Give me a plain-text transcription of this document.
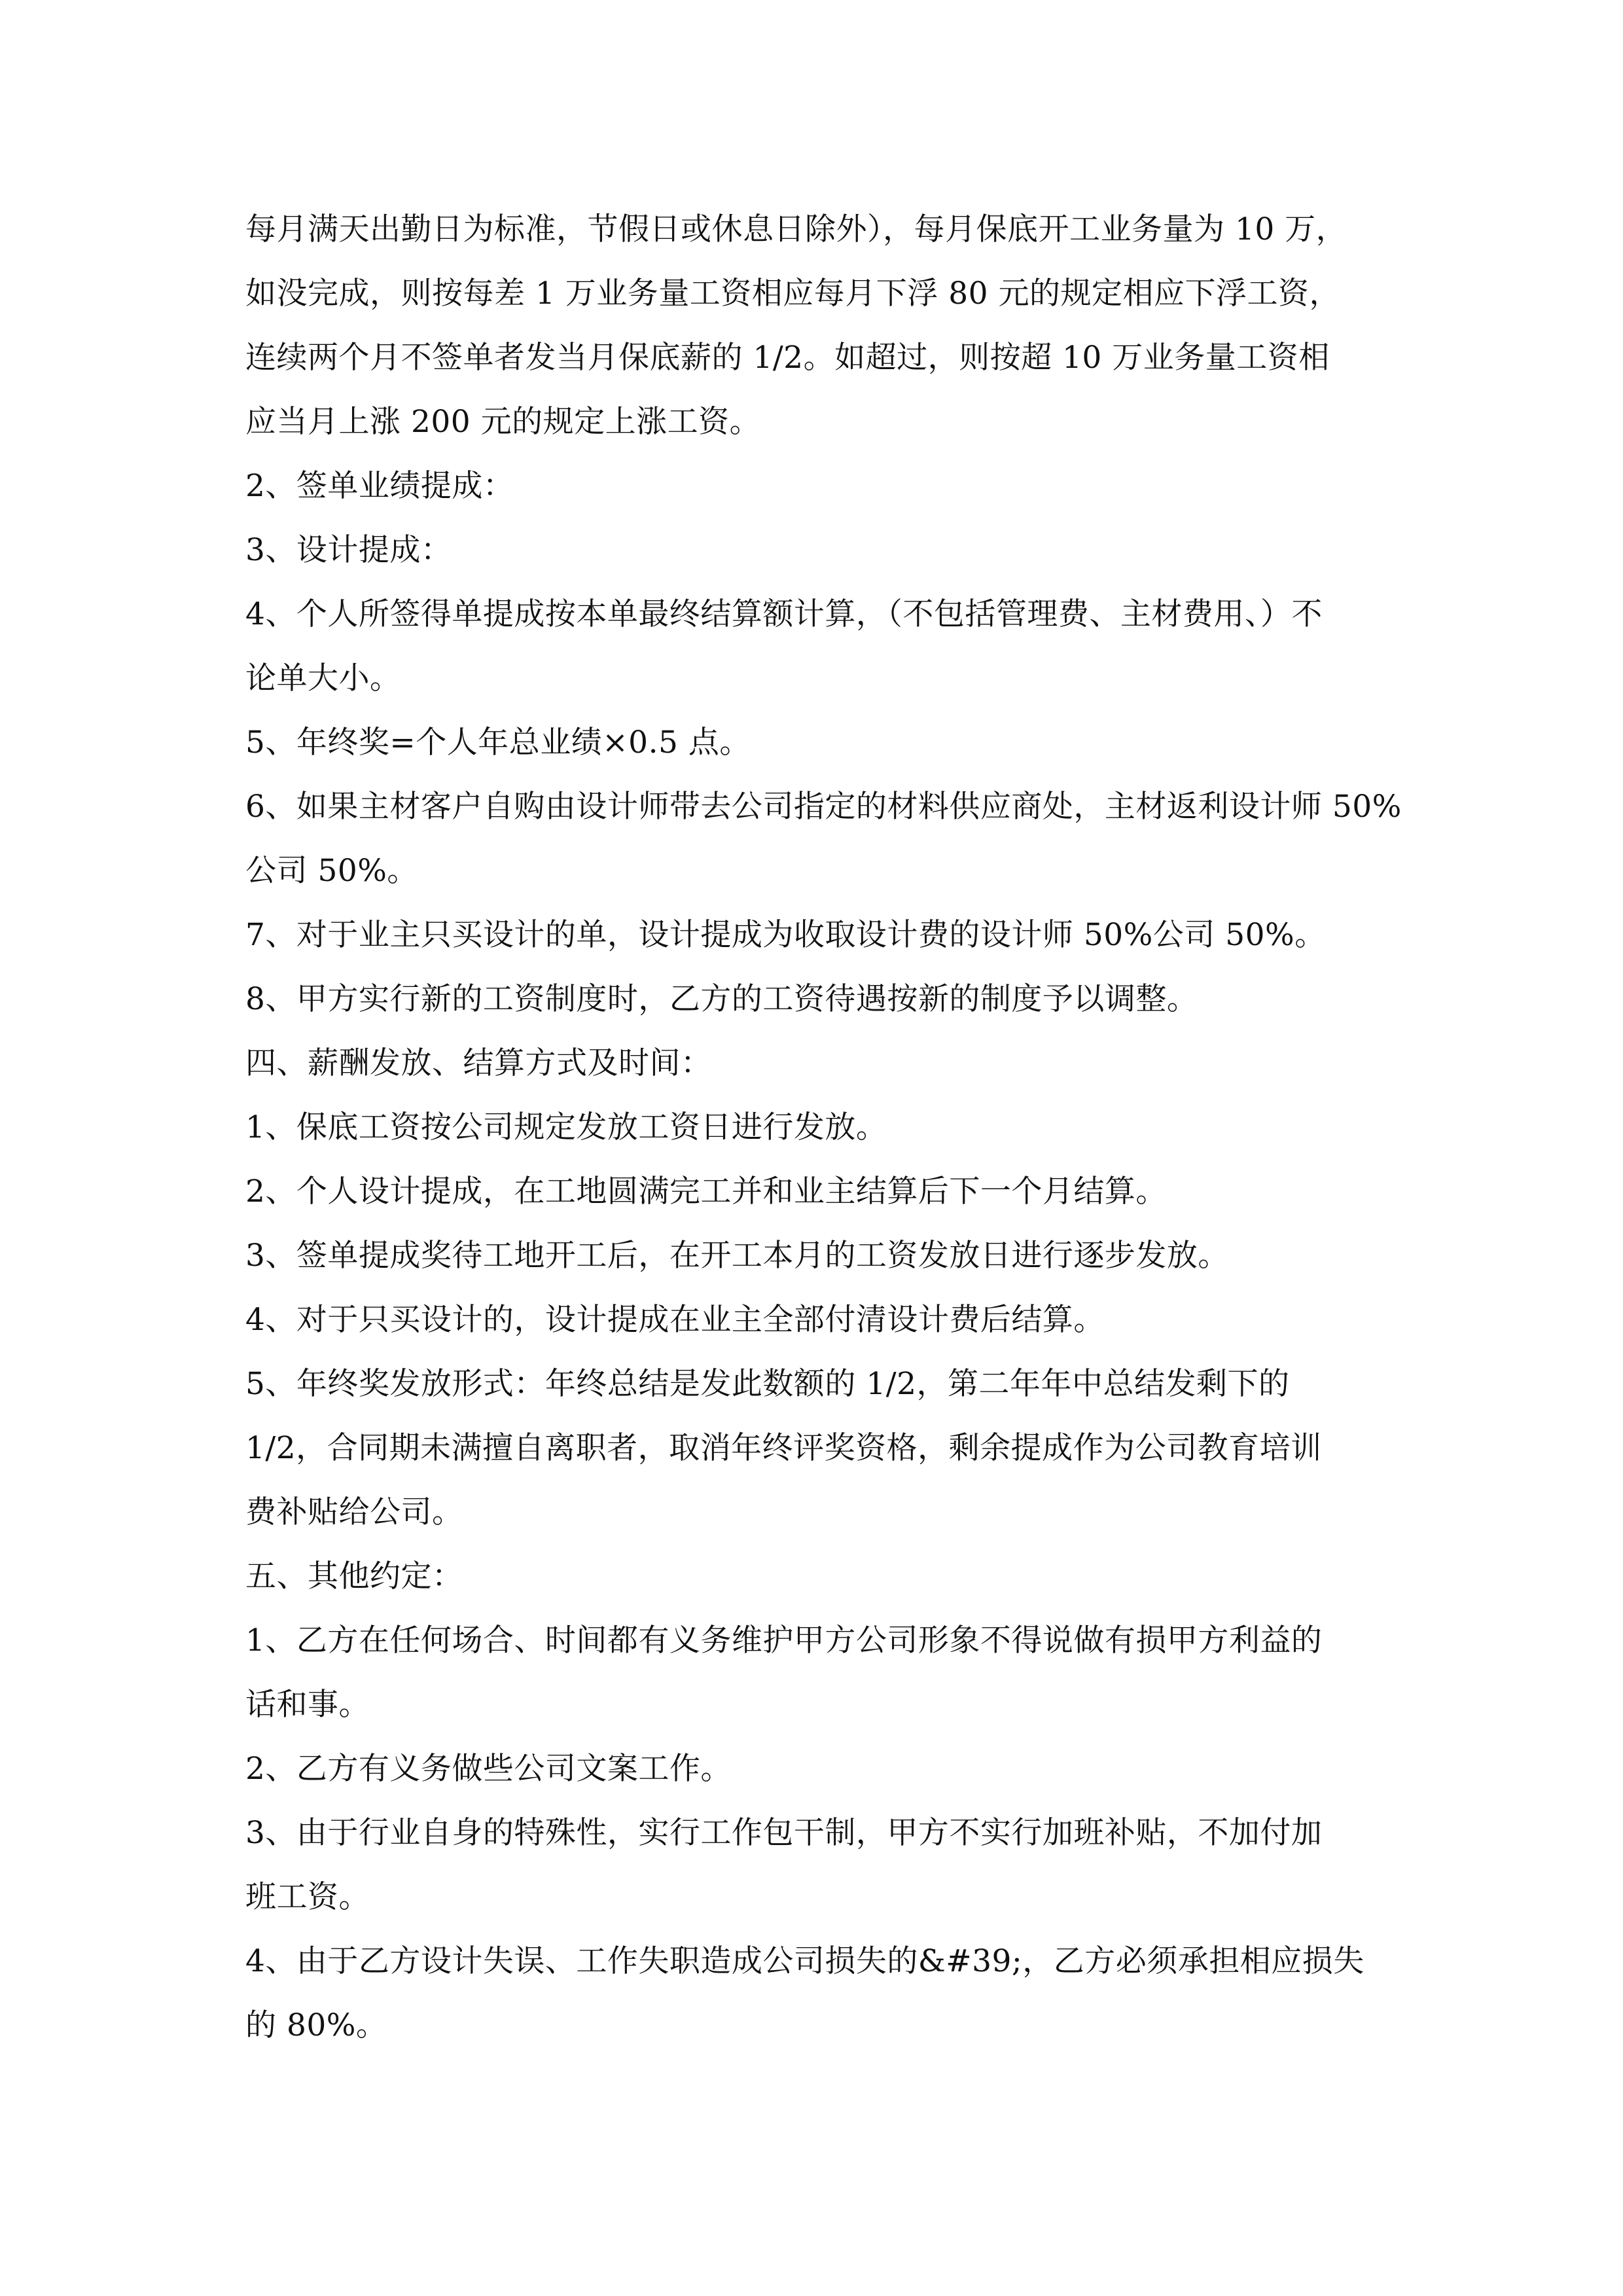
每月满天出勤日为标准，节假日或休息日除外），每月保底开工业务量为 10 万，
如没完成，则按每差 1 万业务量工资相应每月下浮 80 元的规定相应下浮工资，
连续两个月不签单者发当月保底薪的 1/2。如超过，则按超 10 万业务量工资相
应当月上涨 200 元的规定上涨工资。
2、签单业绩提成：
3、设计提成：
4、个人所签得单提成按本单最终结算额计算，（不包括管理费、主材费用、）不
论单大小。
5、年终奖=个人年总业绩×0.5 点。
6、如果主材客户自购由设计师带去公司指定的材料供应商处，主材返利设计师 50%
公司 50%。
7、对于业主只买设计的单，设计提成为收取设计费的设计师 50%公司 50%。
8、甲方实行新的工资制度时，乙方的工资待遇按新的制度予以调整。
四、薪酬发放、结算方式及时间：
1、保底工资按公司规定发放工资日进行发放。
2、个人设计提成，在工地圆满完工并和业主结算后下一个月结算。
3、签单提成奖待工地开工后，在开工本月的工资发放日进行逐步发放。
4、对于只买设计的，设计提成在业主全部付清设计费后结算。
5、年终奖发放形式：年终总结是发此数额的 1/2，第二年年中总结发剩下的
1/2，合同期未满擅自离职者，取消年终评奖资格，剩余提成作为公司教育培训
费补贴给公司。
五、其他约定：
1、乙方在任何场合、时间都有义务维护甲方公司形象不得说做有损甲方利益的
话和事。
2、乙方有义务做些公司文案工作。
3、由于行业自身的特殊性，实行工作包干制，甲方不实行加班补贴，不加付加
班工资。
4、由于乙方设计失误、工作失职造成公司损失的&#39;，乙方必须承担相应损失
的 80%。
